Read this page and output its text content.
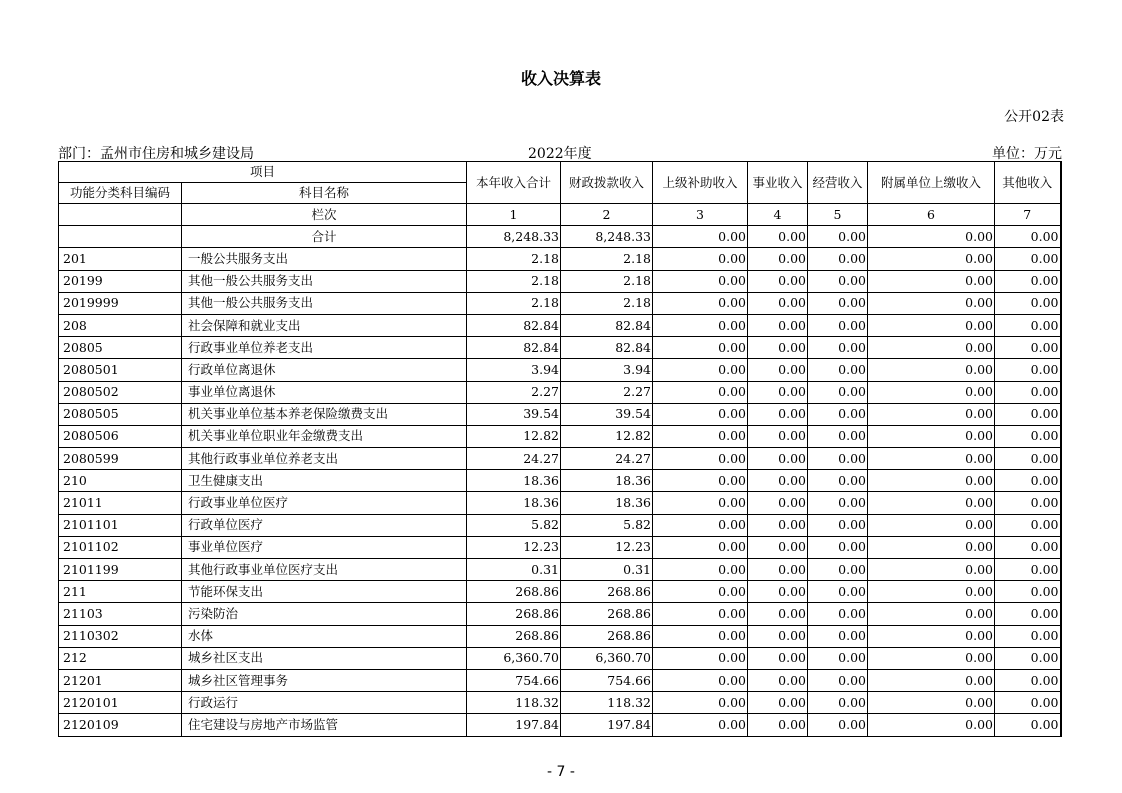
收入决算表
公开02表
部门：孟州市住房和城乡建设局	2022年度	单位：万元
项目		本年收入合计	财政拨款收入	上级补助收入	事业收入	经营收入	附属单位上缴收入	其他收入
功能分类科目编码	科目名称							
	栏次	1	2	3	4	5	6	7
	合计	8,248.33	8,248.33	0.00	0.00	0.00	0.00	0.00
201	一般公共服务支出	2.18	2.18	0.00	0.00	0.00	0.00	0.00
20199	其他一般公共服务支出	2.18	2.18	0.00	0.00	0.00	0.00	0.00
2019999	其他一般公共服务支出	2.18	2.18	0.00	0.00	0.00	0.00	0.00
208	社会保障和就业支出	82.84	82.84	0.00	0.00	0.00	0.00	0.00
20805	行政事业单位养老支出	82.84	82.84	0.00	0.00	0.00	0.00	0.00
2080501	行政单位离退休	3.94	3.94	0.00	0.00	0.00	0.00	0.00
2080502	事业单位离退休	2.27	2.27	0.00	0.00	0.00	0.00	0.00
2080505	机关事业单位基本养老保险缴费支出	39.54	39.54	0.00	0.00	0.00	0.00	0.00
2080506	机关事业单位职业年金缴费支出	12.82	12.82	0.00	0.00	0.00	0.00	0.00
2080599	其他行政事业单位养老支出	24.27	24.27	0.00	0.00	0.00	0.00	0.00
210	卫生健康支出	18.36	18.36	0.00	0.00	0.00	0.00	0.00
21011	行政事业单位医疗	18.36	18.36	0.00	0.00	0.00	0.00	0.00
2101101	行政单位医疗	5.82	5.82	0.00	0.00	0.00	0.00	0.00
2101102	事业单位医疗	12.23	12.23	0.00	0.00	0.00	0.00	0.00
2101199	其他行政事业单位医疗支出	0.31	0.31	0.00	0.00	0.00	0.00	0.00
211	节能环保支出	268.86	268.86	0.00	0.00	0.00	0.00	0.00
21103	污染防治	268.86	268.86	0.00	0.00	0.00	0.00	0.00
2110302	水体	268.86	268.86	0.00	0.00	0.00	0.00	0.00
212	城乡社区支出	6,360.70	6,360.70	0.00	0.00	0.00	0.00	0.00
21201	城乡社区管理事务	754.66	754.66	0.00	0.00	0.00	0.00	0.00
2120101	行政运行	118.32	118.32	0.00	0.00	0.00	0.00	0.00
2120109	住宅建设与房地产市场监管	197.84	197.84	0.00	0.00	0.00	0.00	0.00
- 7 -
